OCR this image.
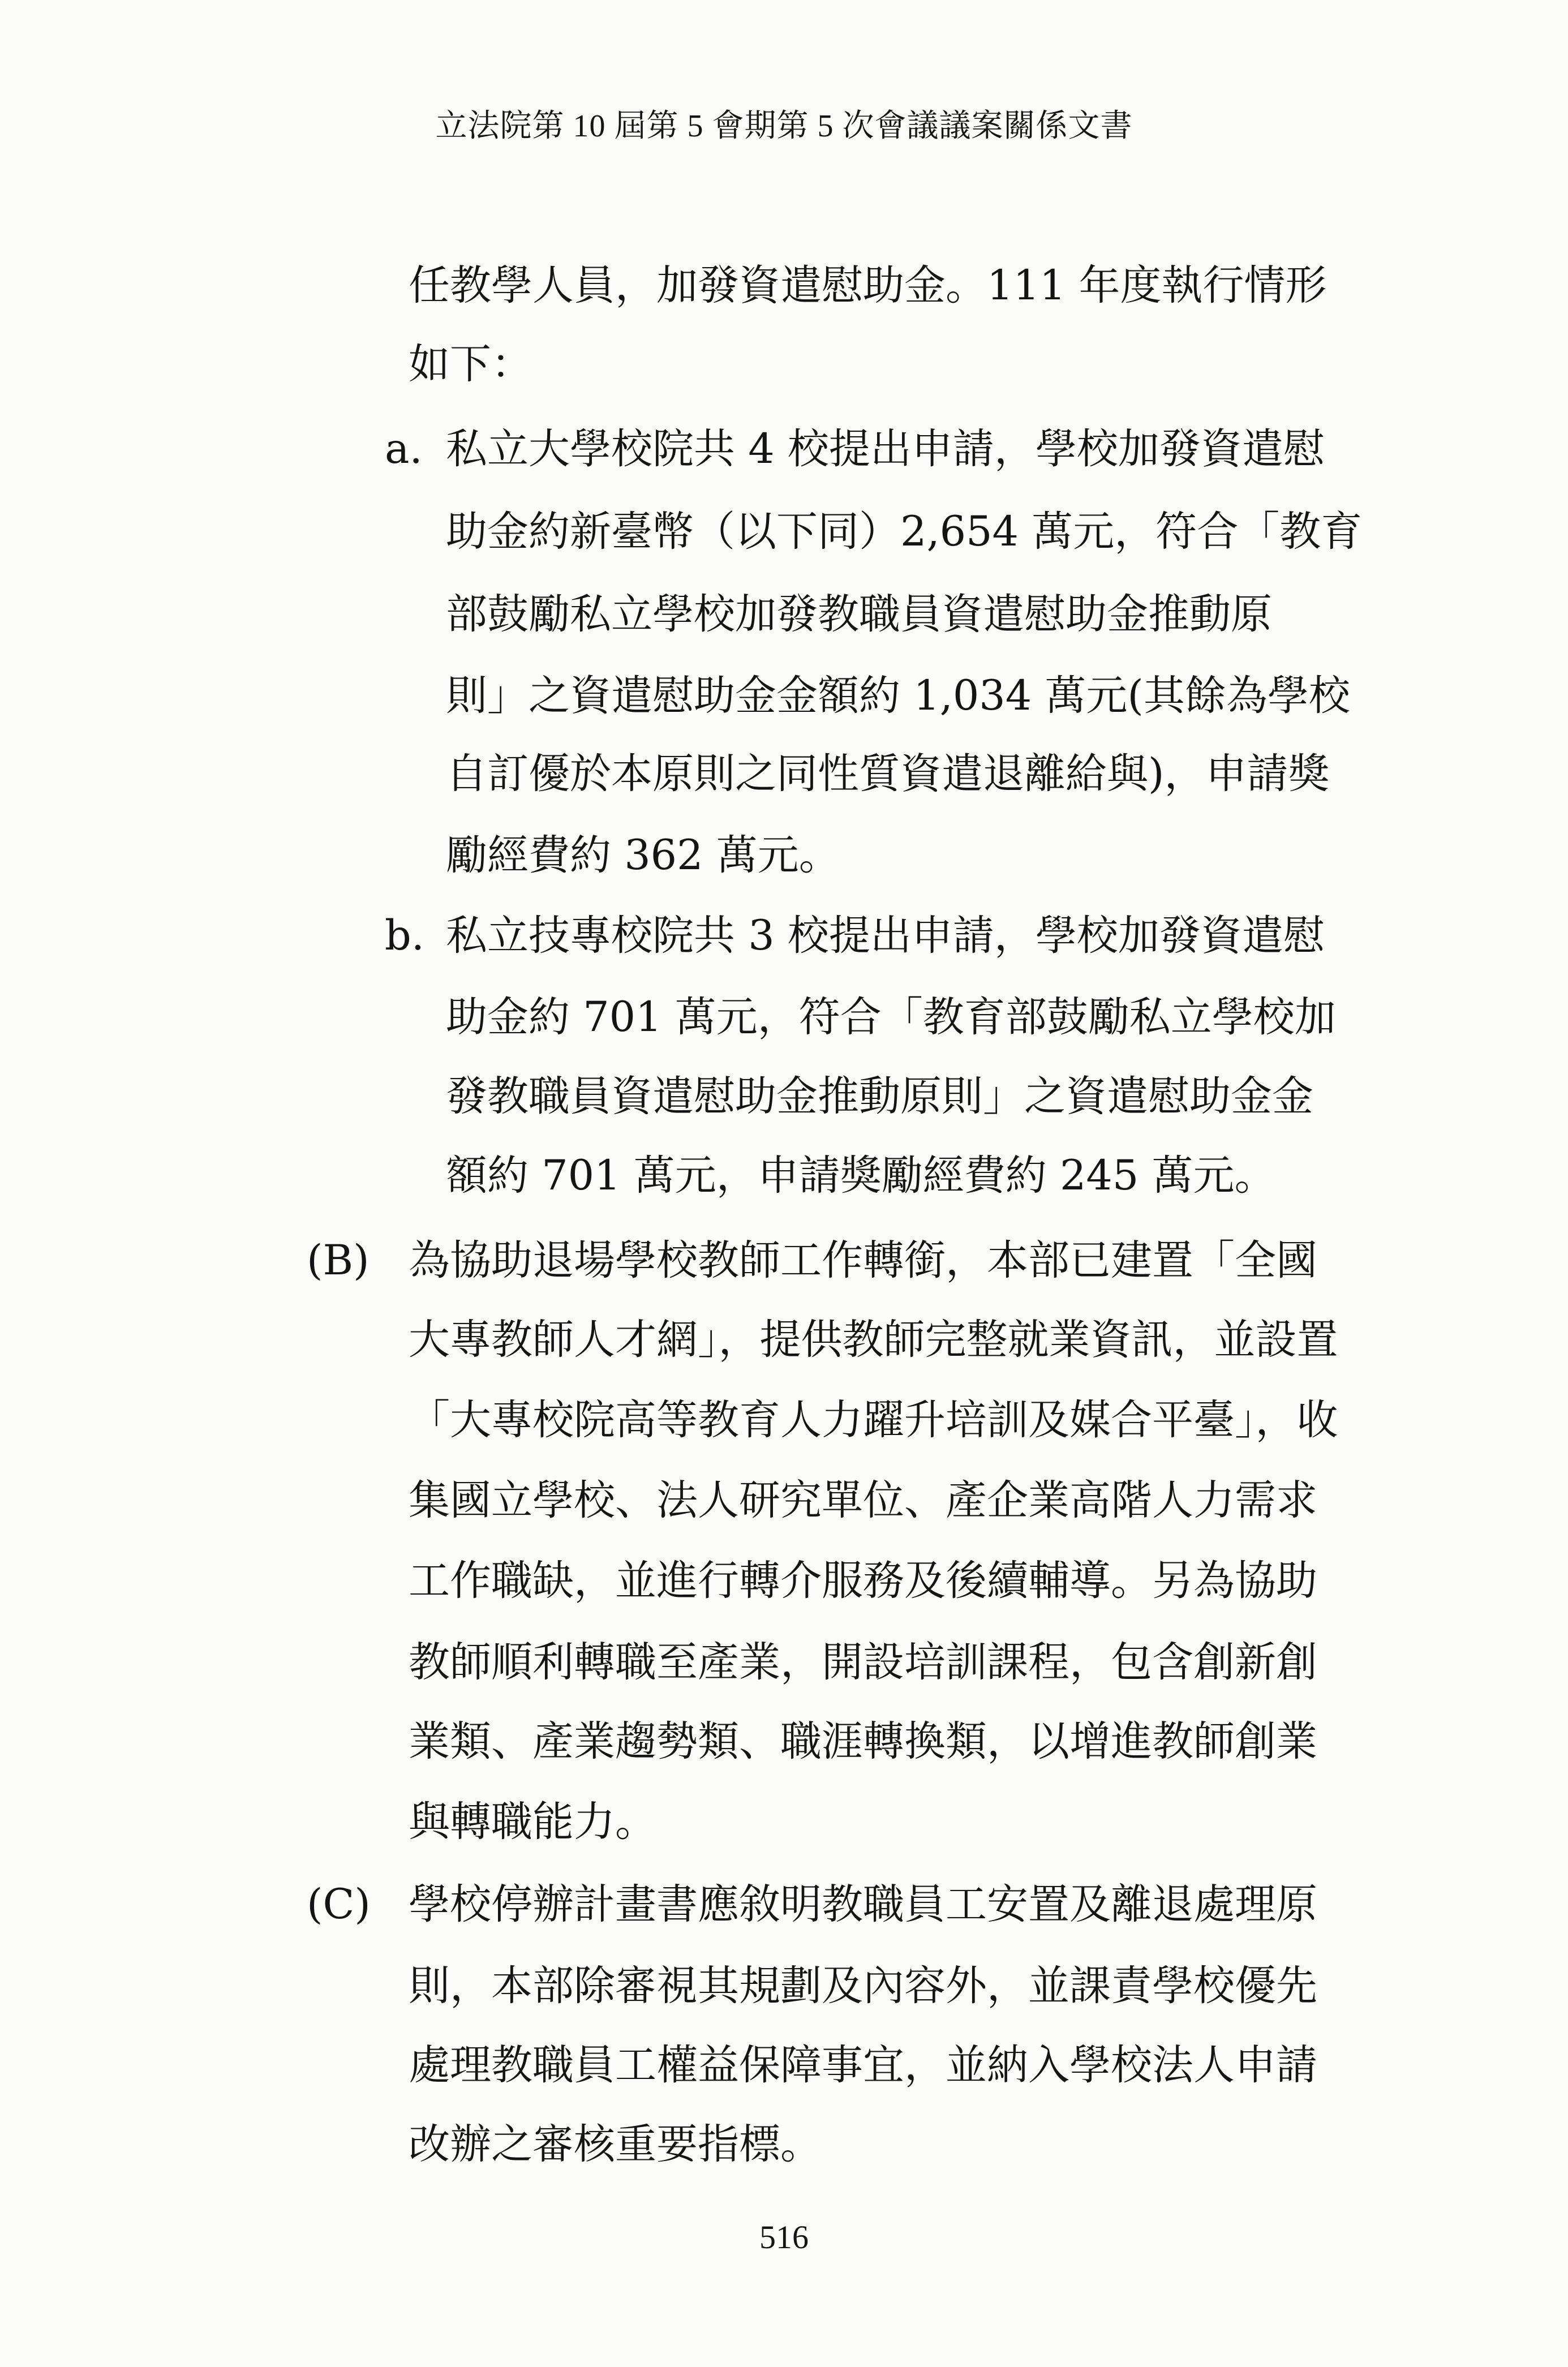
立法院第 10 屆第 5 會期第 5 次會議議案關係文書
任教學人員，加發資遣慰助金。111 年度執行情形
如下：
a. 私立大學校院共 4 校提出申請，學校加發資遣慰
助金約新臺幣（以下同）2,654 萬元，符合「教育
部鼓勵私立學校加發教職員資遣慰助金推動原
則」之資遣慰助金金額約 1,034 萬元(其餘為學校
自訂優於本原則之同性質資遣退離給與)，申請獎
勵經費約 362 萬元。
b. 私立技專校院共 3 校提出申請，學校加發資遣慰
助金約 701 萬元，符合「教育部鼓勵私立學校加
發教職員資遣慰助金推動原則」之資遣慰助金金
額約 701 萬元，申請獎勵經費約 245 萬元。
(B) 為協助退場學校教師工作轉銜，本部已建置「全國
大專教師人才網」，提供教師完整就業資訊，並設置
「大專校院高等教育人力躍升培訓及媒合平臺」，收
集國立學校、法人研究單位、產企業高階人力需求
工作職缺，並進行轉介服務及後續輔導。另為協助
教師順利轉職至產業，開設培訓課程，包含創新創
業類、產業趨勢類、職涯轉換類，以增進教師創業
與轉職能力。
(C) 學校停辦計畫書應敘明教職員工安置及離退處理原
則，本部除審視其規劃及內容外，並課責學校優先
處理教職員工權益保障事宜，並納入學校法人申請
改辦之審核重要指標。
516
